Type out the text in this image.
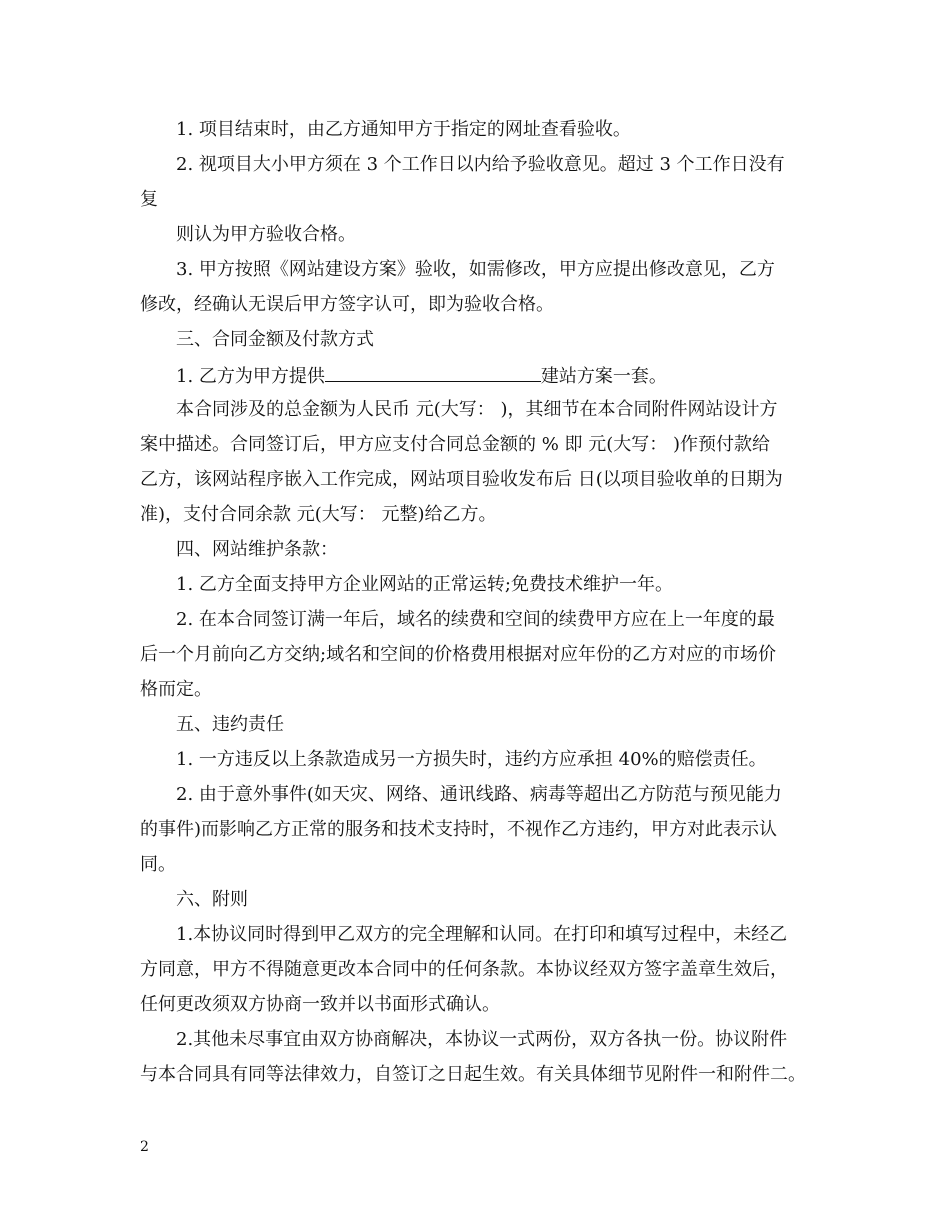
1. 项目结束时，由乙方通知甲方于指定的网址查看验收。
2. 视项目大小甲方须在 3 个工作日以内给予验收意见。超过 3 个工作日没有
复
则认为甲方验收合格。
3. 甲方按照《网站建设方案》验收，如需修改，甲方应提出修改意见，乙方
修改，经确认无误后甲方签字认可，即为验收合格。
三、合同金额及付款方式
1. 乙方为甲方提供	建站方案一套。
本合同涉及的总金额为人民币 元(大写： )，其细节在本合同附件网站设计方
案中描述。合同签订后，甲方应支付合同总金额的 % 即 元(大写： )作预付款给
乙方，该网站程序嵌入工作完成，网站项目验收发布后 日(以项目验收单的日期为
准)，支付合同余款 元(大写： 元整)给乙方。
四、网站维护条款：
1. 乙方全面支持甲方企业网站的正常运转;免费技术维护一年。
2. 在本合同签订满一年后，域名的续费和空间的续费甲方应在上一年度的最
后一个月前向乙方交纳;域名和空间的价格费用根据对应年份的乙方对应的市场价
格而定。
五、违约责任
1. 一方违反以上条款造成另一方损失时，违约方应承担 40%的赔偿责任。
2. 由于意外事件(如天灾、网络、通讯线路、病毒等超出乙方防范与预见能力
的事件)而影响乙方正常的服务和技术支持时，不视作乙方违约，甲方对此表示认
同。
六、附则
1.本协议同时得到甲乙双方的完全理解和认同。在打印和填写过程中，未经乙
方同意，甲方不得随意更改本合同中的任何条款。本协议经双方签字盖章生效后，
任何更改须双方协商一致并以书面形式确认。
2.其他未尽事宜由双方协商解决，本协议一式两份，双方各执一份。协议附件
与本合同具有同等法律效力，自签订之日起生效。有关具体细节见附件一和附件二。
2
